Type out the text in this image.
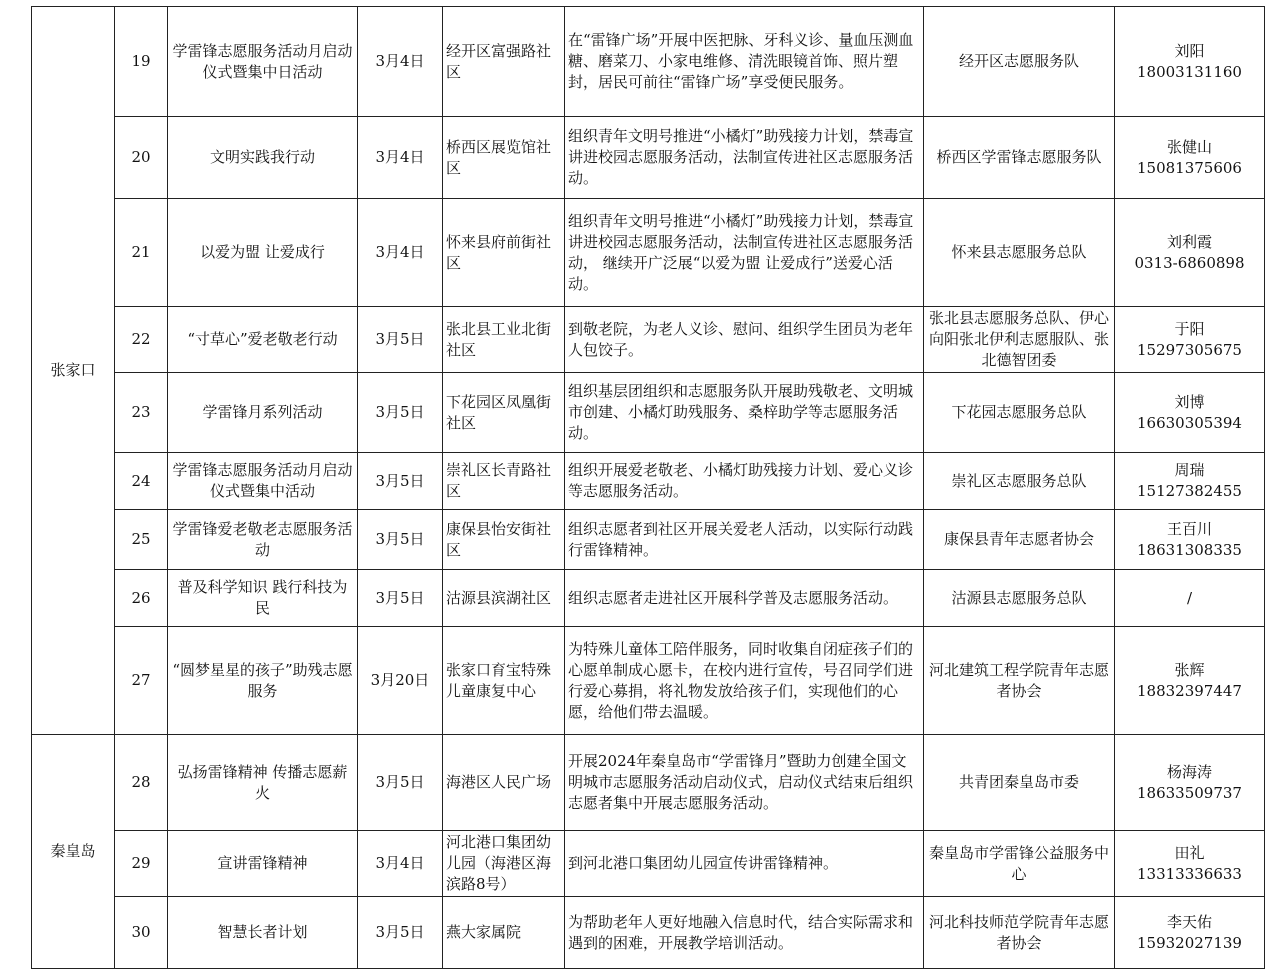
张家口	19	学雷锋志愿服务活动月启动仪式暨集中日活动	3月4日	经开区富强路社区	在“雷锋广场”开展中医把脉、牙科义诊、量血压测血糖、磨菜刀、小家电维修、清洗眼镜首饰、照片塑封，居民可前往“雷锋广场”享受便民服务。	经开区志愿服务队	刘阳
18003131160

	20	文明实践我行动	3月4日	桥西区展览馆社区	组织青年文明号推进“小橘灯”助残接力计划，禁毒宣讲进校园志愿服务活动，法制宣传进社区志愿服务活动。	桥西区学雷锋志愿服务队	张健山
15081375606

	21	以爱为盟 让爱成行	3月4日	怀来县府前街社区	组织青年文明号推进“小橘灯”助残接力计划，禁毒宣讲进校园志愿服务活动，法制宣传进社区志愿服务活动， 继续开广泛展“以爱为盟 让爱成行”送爱心活动。	怀来县志愿服务总队	刘利霞
0313-6860898

	22	“寸草心”爱老敬老行动	3月5日	张北县工业北街社区	到敬老院，为老人义诊、慰问、组织学生团员为老年人包饺子。	张北县志愿服务总队、伊心向阳张北伊利志愿服队、张北德智团委	于阳
15297305675

	23	学雷锋月系列活动	3月5日	下花园区凤凰街社区	组织基层团组织和志愿服务队开展助残敬老、文明城市创建、小橘灯助残服务、桑梓助学等志愿服务活动。	下花园志愿服务总队	刘博
16630305394

	24	学雷锋志愿服务活动月启动仪式暨集中活动	3月5日	崇礼区长青路社区	组织开展爱老敬老、小橘灯助残接力计划、爱心义诊等志愿服务活动。	崇礼区志愿服务总队	周瑞
15127382455

	25	学雷锋爱老敬老志愿服务活动	3月5日	康保县怡安街社区	组织志愿者到社区开展关爱老人活动，以实际行动践行雷锋精神。	康保县青年志愿者协会	王百川
18631308335

	26	普及科学知识 践行科技为民	3月5日	沽源县滨湖社区	组织志愿者走进社区开展科学普及志愿服务活动。	沽源县志愿服务总队	/

	27	“圆梦星星的孩子”助残志愿服务	3月20日	张家口育宝特殊儿童康复中心	为特殊儿童体工陪伴服务，同时收集自闭症孩子们的心愿单制成心愿卡，在校内进行宣传，号召同学们进行爱心募捐，将礼物发放给孩子们，实现他们的心愿，给他们带去温暖。	河北建筑工程学院青年志愿者协会	张辉
18832397447

秦皇岛	28	弘扬雷锋精神 传播志愿薪火	3月5日	海港区人民广场	开展2024年秦皇岛市“学雷锋月”暨助力创建全国文明城市志愿服务活动启动仪式，启动仪式结束后组织志愿者集中开展志愿服务活动。	共青团秦皇岛市委	杨海涛
18633509737

	29	宣讲雷锋精神	3月4日	河北港口集团幼儿园（海港区海滨路8号）	到河北港口集团幼儿园宣传讲雷锋精神。	秦皇岛市学雷锋公益服务中心	田礼
13313336633

	30	智慧长者计划	3月5日	燕大家属院	为帮助老年人更好地融入信息时代，结合实际需求和遇到的困难，开展教学培训活动。	河北科技师范学院青年志愿者协会	李天佑
15932027139
